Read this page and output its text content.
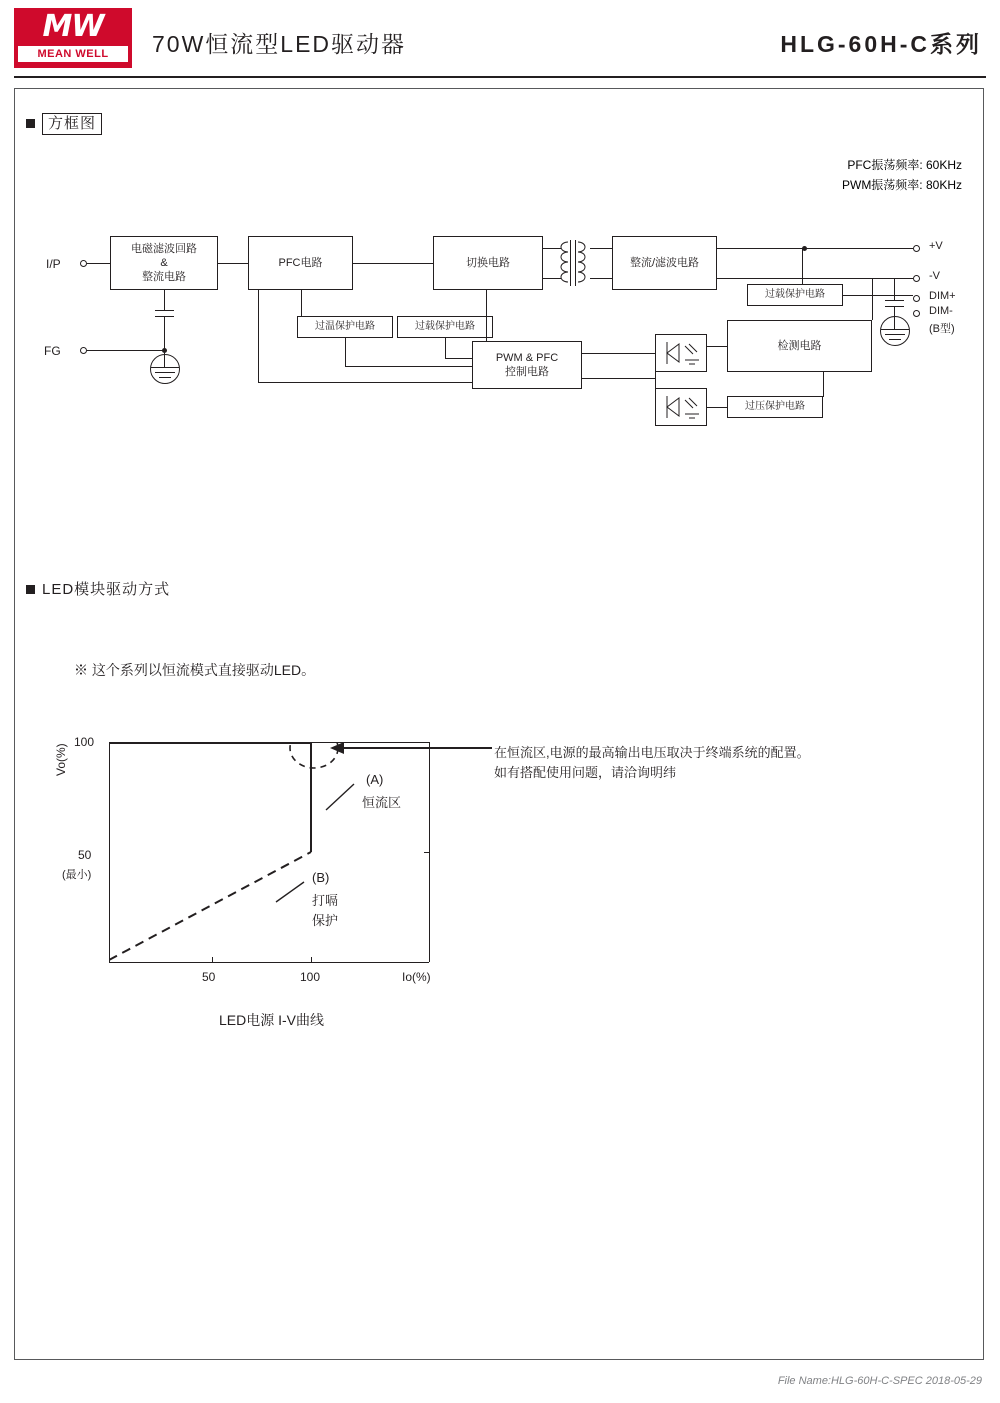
MW
MEAN WELL	70W恒流型LED驱动器	HLG-60H-C系列
方框图
PFC振荡频率: 60KHz
PWM振荡频率: 80KHz
I/P
FG
电磁滤波回路
&
整流电路
PFC电路	切换电路	整流/滤波电路
+V
-V
DIM+
DIM-
(B型)
过载保护电路
过温保护电路	过载保护电路
PWM & PFC
控制电路
检测电路
过压保护电路
LED模块驱动方式
※ 这个系列以恒流模式直接驱动LED。
100
50
(最小)
Vo(%)
50	100	Io(%)
在恒流区,电源的最高输出电压取决于终端系统的配置。
如有搭配使用问题，请洽询明纬
(A)
恒流区
(B)
打嗝
保护
LED电源 I-V曲线
File Name:HLG-60H-C-SPEC 2018-05-29
